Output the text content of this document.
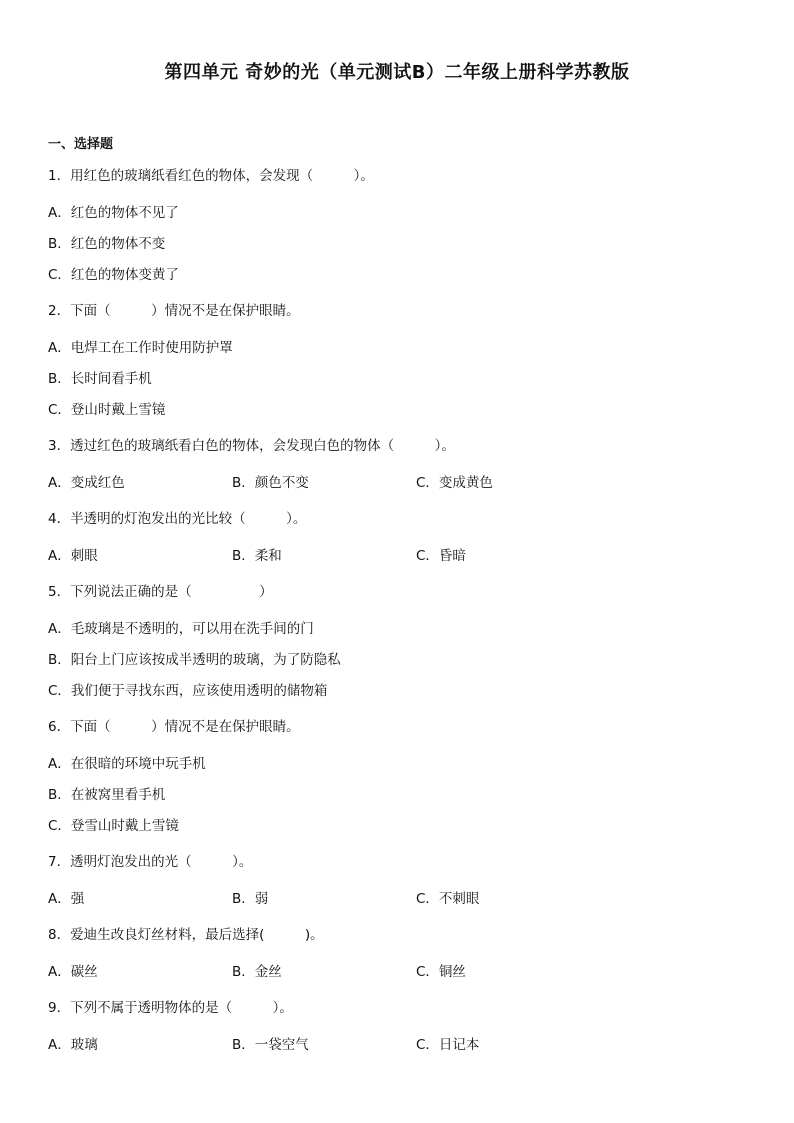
第四单元 奇妙的光（单元测试B）二年级上册科学苏教版
一、选择题
1．用红色的玻璃纸看红色的物体，会发现（　　　）。
A．红色的物体不见了
B．红色的物体不变
C．红色的物体变黄了
2．下面（　　　）情况不是在保护眼睛。
A．电焊工在工作时使用防护罩
B．长时间看手机
C．登山时戴上雪镜
3．透过红色的玻璃纸看白色的物体，会发现白色的物体（　　　）。
A．变成红色	B．颜色不变	C．变成黄色
4．半透明的灯泡发出的光比较（　　　）。
A．刺眼	B．柔和	C．昏暗
5．下列说法正确的是（　　　　　）
A．毛玻璃是不透明的，可以用在洗手间的门
B．阳台上门应该按成半透明的玻璃，为了防隐私
C．我们便于寻找东西，应该使用透明的储物箱
6．下面（　　　）情况不是在保护眼睛。
A．在很暗的环境中玩手机
B．在被窝里看手机
C．登雪山时戴上雪镜
7．透明灯泡发出的光（　　　）。
A．强	B．弱	C．不刺眼
8．爱迪生改良灯丝材料，最后选择(　　　)。
A．碳丝	B．金丝	C．铜丝
9．下列不属于透明物体的是（　　　）。
A．玻璃	B．一袋空气	C．日记本
